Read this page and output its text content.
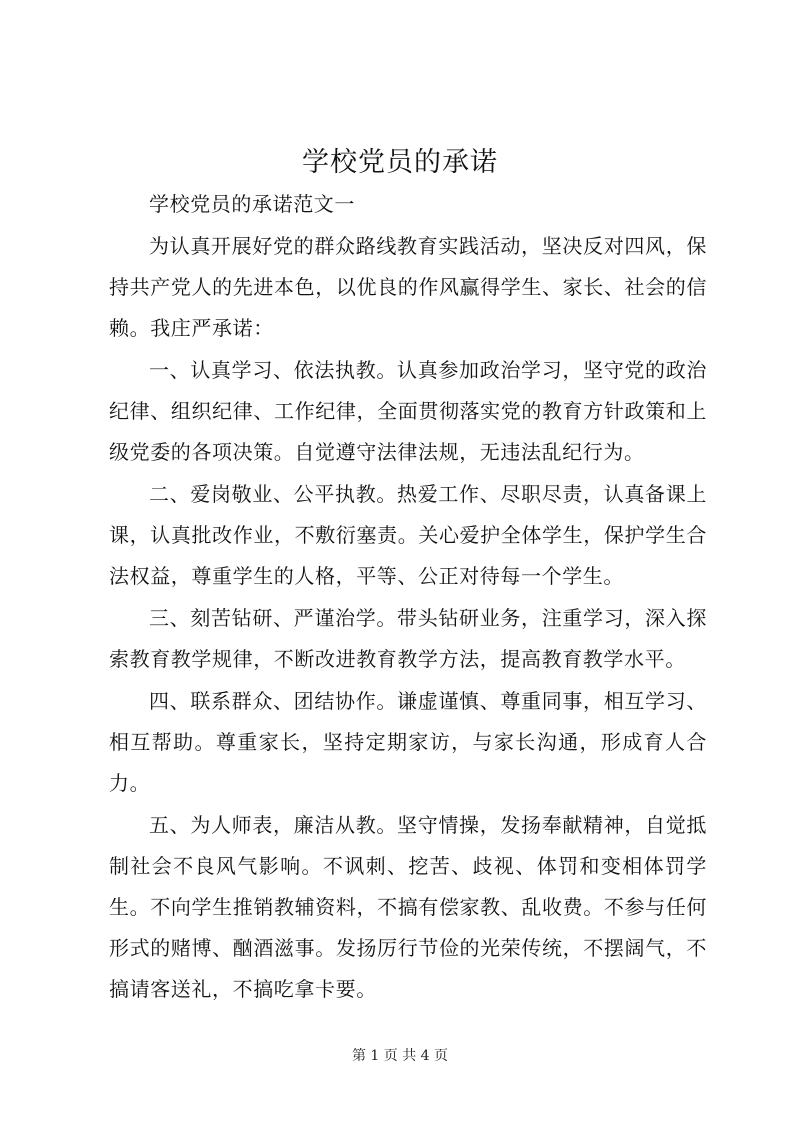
学校党员的承诺

学校党员的承诺范文一

为认真开展好党的群众路线教育实践活动，坚决反对四风，保持共产党人的先进本色，以优良的作风赢得学生、家长、社会的信赖。我庄严承诺：

一、认真学习、依法执教。认真参加政治学习，坚守党的政治纪律、组织纪律、工作纪律，全面贯彻落实党的教育方针政策和上级党委的各项决策。自觉遵守法律法规，无违法乱纪行为。

二、爱岗敬业、公平执教。热爱工作、尽职尽责，认真备课上课，认真批改作业，不敷衍塞责。关心爱护全体学生，保护学生合法权益，尊重学生的人格，平等、公正对待每一个学生。

三、刻苦钻研、严谨治学。带头钻研业务，注重学习，深入探索教育教学规律，不断改进教育教学方法，提高教育教学水平。

四、联系群众、团结协作。谦虚谨慎、尊重同事，相互学习、相互帮助。尊重家长，坚持定期家访，与家长沟通，形成育人合力。

五、为人师表，廉洁从教。坚守情操，发扬奉献精神，自觉抵制社会不良风气影响。不讽刺、挖苦、歧视、体罚和变相体罚学生。不向学生推销教辅资料，不搞有偿家教、乱收费。不参与任何形式的赌博、酗酒滋事。发扬厉行节俭的光荣传统，不摆阔气，不搞请客送礼，不搞吃拿卡要。

第 1 页 共 4 页
